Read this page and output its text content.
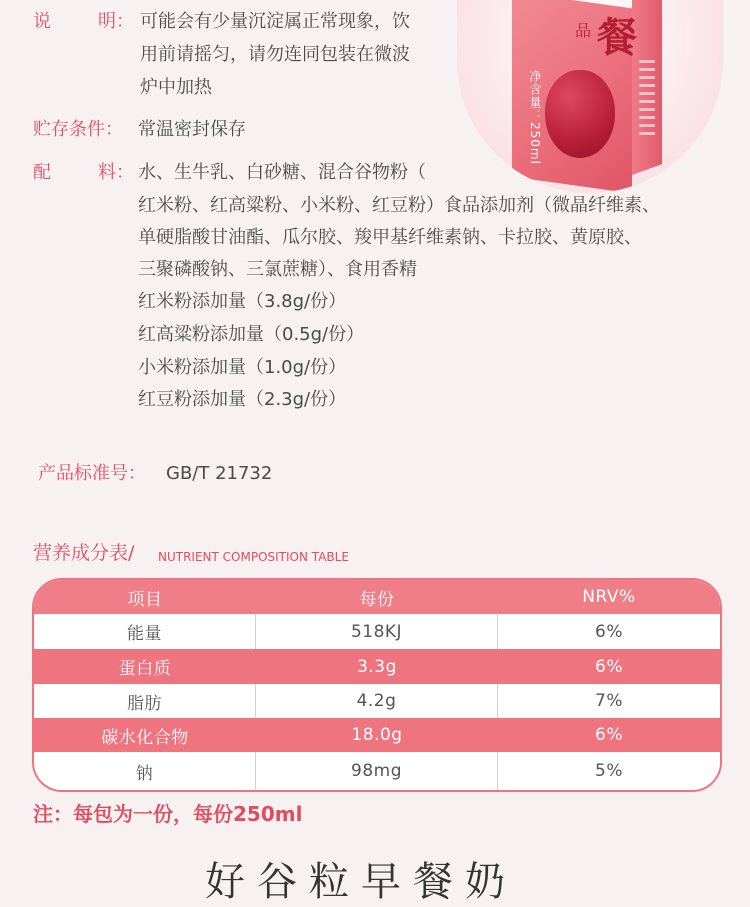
品 餐
净含量：250ml
说	明： 可能会有少量沉淀属正常现象，饮
用前请摇匀，请勿连同包装在微波
炉中加热
贮存条件： 常温密封保存
配	料： 水、生牛乳、白砂糖、混合谷物粉（
红米粉、红高粱粉、小米粉、红豆粉）食品添加剂（微晶纤维素、
单硬脂酸甘油酯、瓜尔胶、羧甲基纤维素钠、卡拉胶、黄原胶、
三聚磷酸钠、三氯蔗糖）、食用香精
红米粉添加量（3.8g/份）
红高粱粉添加量（0.5g/份）
小米粉添加量（1.0g/份）
红豆粉添加量（2.3g/份）
产品标准号： GB/T 21732
营养成分表/ NUTRIENT COMPOSITION TABLE
项目	每份	NRV%
能量	518KJ	6%
蛋白质	3.3g	6%
脂肪	4.2g	7%
碳水化合物	18.0g	6%
钠	98mg	5%
注：每包为一份，每份250ml
好谷粒早餐奶
